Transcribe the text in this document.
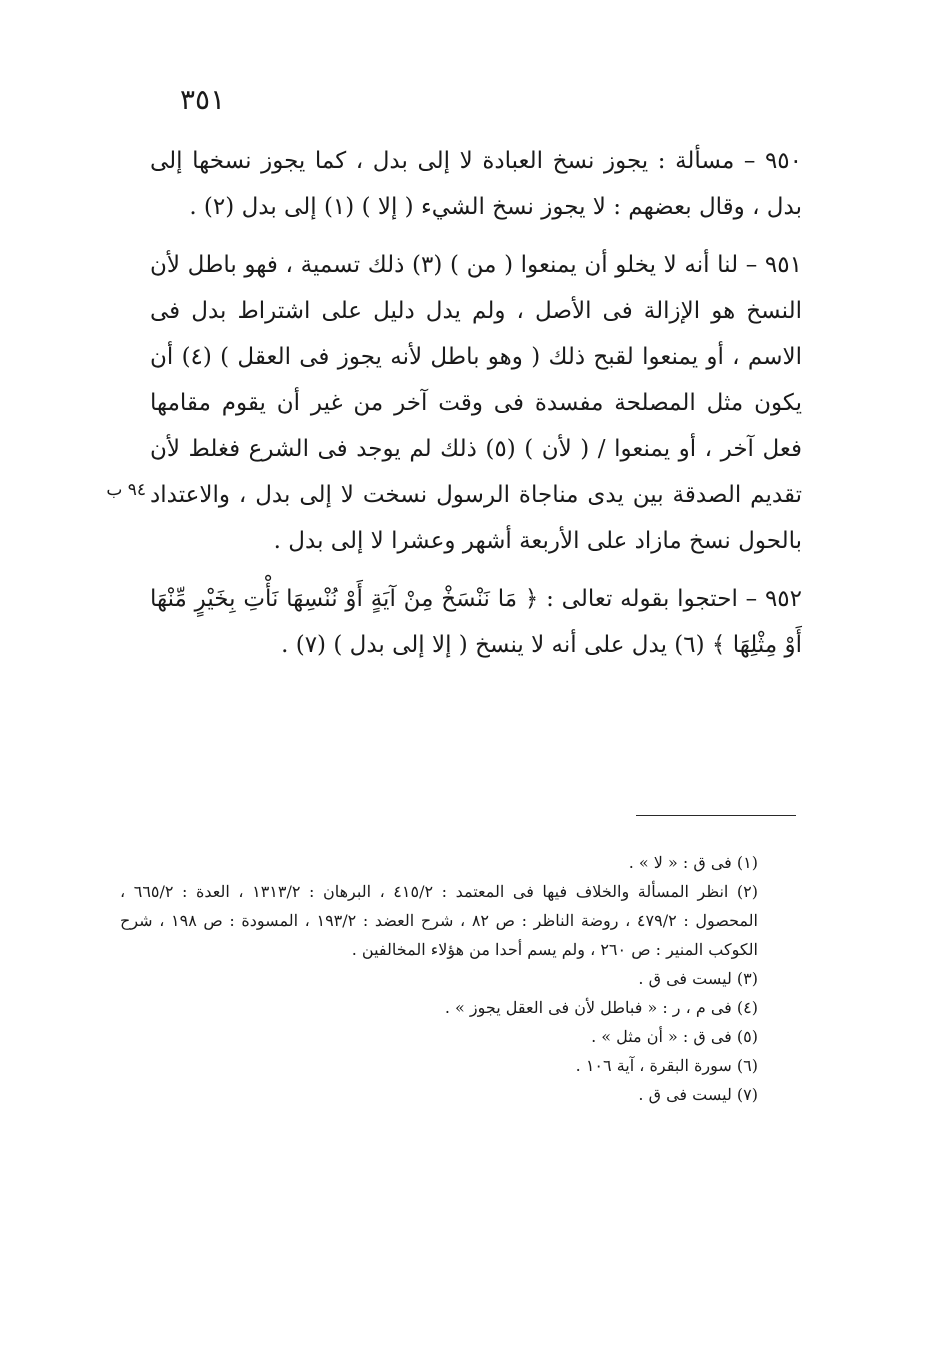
٣٥١
٩٤ ب

٩٥٠ – مسألة : يجوز نسخ العبادة لا إلى بدل ، كما يجوز نسخها إلى بدل ، وقال بعضهم : لا يجوز نسخ الشيء ( إلا ) (١) إلى بدل (٢) .

٩٥١ – لنا أنه لا يخلو أن يمنعوا ( من ) (٣) ذلك تسمية ، فهو باطل لأن النسخ هو الإزالة فى الأصل ، ولم يدل دليل على اشتراط بدل فى الاسم ، أو يمنعوا لقبح ذلك ( وهو باطل لأنه يجوز فى العقل ) (٤) أن يكون مثل المصلحة مفسدة فى وقت آخر من غير أن يقوم مقامها فعل آخر ، أو يمنعوا / ( لأن ) (٥) ذلك لم يوجد فى الشرع فغلط لأن تقديم الصدقة بين يدى مناجاة الرسول نسخت لا إلى بدل ، والاعتداد بالحول نسخ مازاد على الأربعة أشهر وعشرا لا إلى بدل .

٩٥٢ – احتجوا بقوله تعالى : ﴿ مَا نَنْسَخْ مِنْ آيَةٍ أَوْ نُنْسِهَا نَأْتِ بِخَيْرٍ مِّنْهَا أَوْ مِثْلِهَا ﴾ (٦) يدل على أنه لا ينسخ ( إلا إلى بدل ) (٧) .

(١) فى ق : « لا » .

(٢) انظر المسألة والخلاف فيها فى المعتمد : ٤١٥/٢ ، البرهان : ١٣١٣/٢ ، العدة : ٦٦٥/٢ ، المحصول : ٤٧٩/٢ ، روضة الناظر : ص ٨٢ ، شرح العضد : ١٩٣/٢ ، المسودة : ص ١٩٨ ، شرح الكوكب المنير : ص ٢٦٠ ، ولم يسم أحدا من هؤلاء المخالفين .

(٣) ليست فى ق .

(٤) فى م ، ر : « فباطل لأن فى العقل يجوز » .

(٥) فى ق : « أن مثل » .

(٦) سورة البقرة ، آية ١٠٦ .

(٧) ليست فى ق .
